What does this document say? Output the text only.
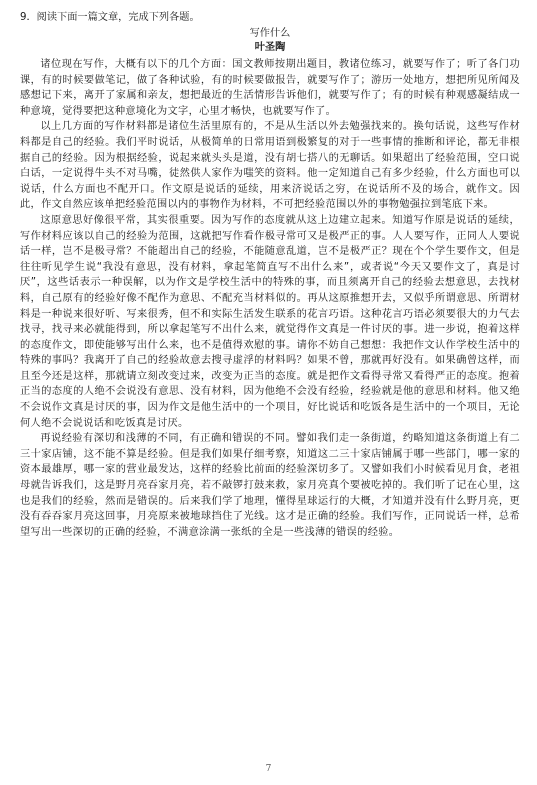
9．阅读下面一篇文章，完成下列各题。

写作什么

叶圣陶

诸位现在写作，大概有以下的几个方面：国文教师按期出题目，教诸位练习，就要写作了；听了各门功课，有的时候要做笔记，做了各种试验，有的时候要做报告，就要写作了；游历一处地方，想把所见所闻及感想记下来，离开了家属和亲友，想把最近的生活情形告诉他们，就要写作了；有的时候有种观感凝结成一种意境，觉得要把这种意境化为文字，心里才畅快，也就要写作了。

以上几方面的写作材料都是诸位生活里原有的，不是从生活以外去勉强找来的。换句话说，这些写作材料都是自己的经验。我们平时说话，从极简单的日常用语到极繁复的对于一些事情的推断和评论，都无非根据自己的经验。因为根据经验，说起来就头头是道，没有胡七搭八的无聊话。如果超出了经验范围，空口说白话，一定说得牛头不对马嘴，徒然供人家作为嗤笑的资料。他一定知道自己有多少经验，什么方面也可以说话，什么方面也不配开口。作文原是说话的延续，用来济说话之穷，在说话所不及的场合，就作文。因此，作文自然应该单把经验范围以内的事物作为材料，不可把经验范围以外的事物勉强拉到笔底下来。

这原意思好像很平常，其实很重要。因为写作的态度就从这上边建立起来。知道写作原是说话的延续，写作材料应该以自己的经验为范围，这就把写作看作极寻常可又是极严正的事。人人要写作，正同人人要说话一样，岂不是极寻常？不能超出自己的经验，不能随意乱道，岂不是极严正？现在个个学生要作文，但是往往听见学生说“我没有意思，没有材料，拿起笔简直写不出什么来”，或者说“今天又要作文了，真是讨厌”，这些话表示一种误解，以为作文是学校生活中的特殊的事，而且须离开自己的经验去想意思，去找材料，自己原有的经验好像不配作为意思、不配充当材料似的。再从这原推想开去，又似乎所谓意思、所谓材料是一种说来很好听、写来很秀，但不和实际生活发生联系的花言巧语。这种花言巧语必须要很大的力气去找寻，找寻来必就能得到，所以拿起笔写不出什么来，就觉得作文真是一件讨厌的事。进一步说，抱着这样的态度作文，即使能够写出什么来，也不是值得欢慰的事。请你不妨自己想想：我把作文认作学校生活中的特殊的事吗？我离开了自己的经验故意去搜寻虚浮的材料吗？如果不曾，那就再好没有。如果确曾这样，而且至今还是这样，那就请立刻改变过来，改变为正当的态度。就是把作文看得寻常又看得严正的态度。抱着正当的态度的人绝不会说没有意思、没有材料，因为他绝不会没有经验，经验就是他的意思和材料。他又绝不会说作文真是讨厌的事，因为作文是他生活中的一个项目，好比说话和吃饭各是生活中的一个项目，无论何人绝不会说说话和吃饭真是讨厌。

再说经验有深切和浅薄的不同，有正确和错误的不同。譬如我们走一条街道，约略知道这条街道上有二三十家店铺，这不能不算是经验。但是我们如果仔细考察，知道这二三十家店铺属于哪一些部门，哪一家的资本最雄厚，哪一家的营业最发达，这样的经验比前面的经验深切多了。又譬如我们小时候看见月食，老祖母就告诉我们，这是野月亮吞家月亮，若不敲锣打鼓来救，家月亮真个要被吃掉的。我们听了记在心里，这也是我们的经验，然而是错误的。后来我们学了地理，懂得星球运行的大概，才知道并没有什么野月亮，更没有吞吞家月亮这回事，月亮原来被地球挡住了光线。这才是正确的经验。我们写作，正同说话一样，总希望写出一些深切的正确的经验，不满意涂满一张纸的全是一些浅薄的错误的经验。

7
